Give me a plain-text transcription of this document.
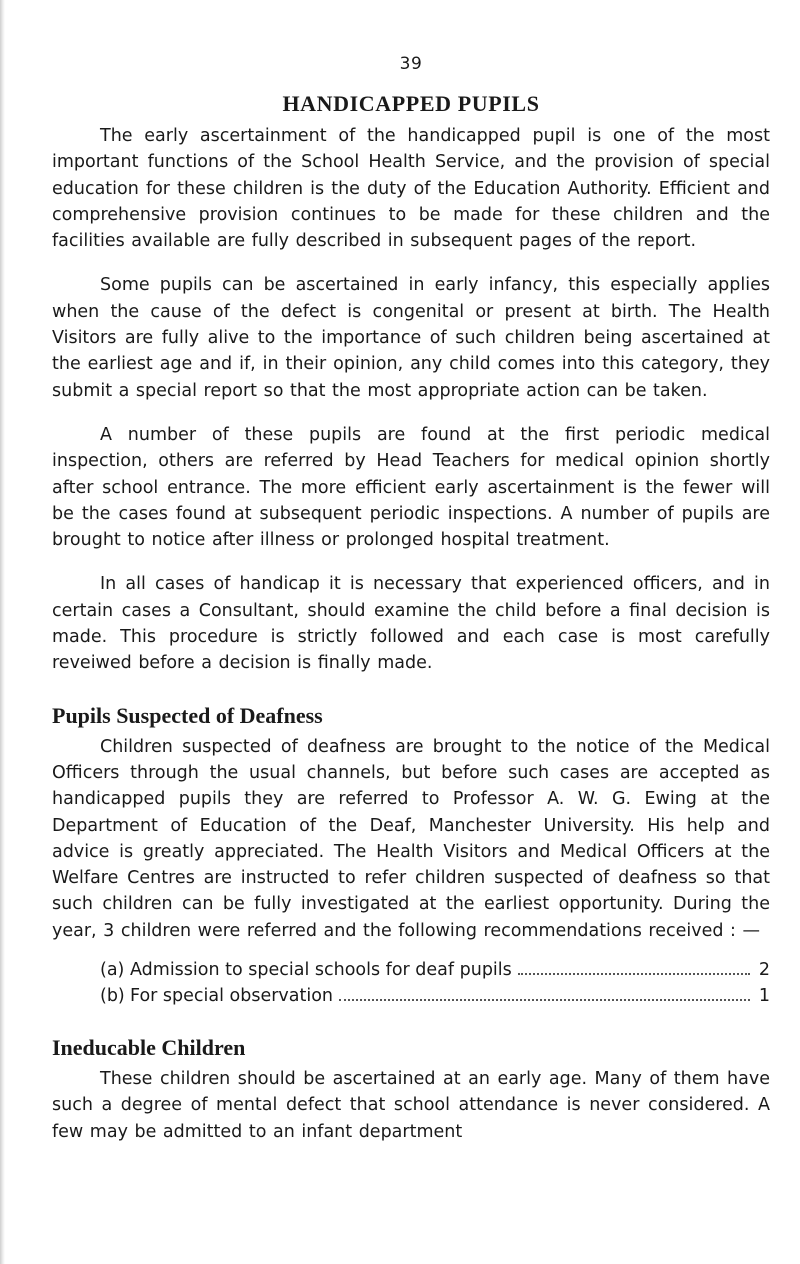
39
HANDICAPPED PUPILS

The early ascertainment of the handicapped pupil is one of the most important functions of the School Health Service, and the provision of special education for these children is the duty of the Education Authority. Efficient and comprehensive provision continues to be made for these children and the facilities available are fully described in subsequent pages of the report.

Some pupils can be ascertained in early infancy, this especially applies when the cause of the defect is congenital or present at birth. The Health Visitors are fully alive to the importance of such children being ascertained at the earliest age and if, in their opinion, any child comes into this category, they submit a special report so that the most appropriate action can be taken.

A number of these pupils are found at the first periodic medical inspection, others are referred by Head Teachers for medical opinion shortly after school entrance. The more efficient early ascertainment is the fewer will be the cases found at subsequent periodic inspections. A number of pupils are brought to notice after illness or prolonged hospital treatment.

In all cases of handicap it is necessary that experienced officers, and in certain cases a Consultant, should examine the child before a final decision is made. This procedure is strictly followed and each case is most carefully reveiwed before a decision is finally made.

Pupils Suspected of Deafness

Children suspected of deafness are brought to the notice of the Medical Officers through the usual channels, but before such cases are accepted as handicapped pupils they are referred to Professor A. W. G. Ewing at the Department of Education of the Deaf, Manchester University. His help and advice is greatly appreciated. The Health Visitors and Medical Officers at the Welfare Centres are instructed to refer children suspected of deafness so that such children can be fully investigated at the earliest opportunity. During the year, 3 children were referred and the following recommendations received : —

(a) Admission to special schools for deaf pupils	2
(b) For special observation	1
Ineducable Children

These children should be ascertained at an early age. Many of them have such a degree of mental defect that school attendance is never considered. A few may be admitted to an infant department
